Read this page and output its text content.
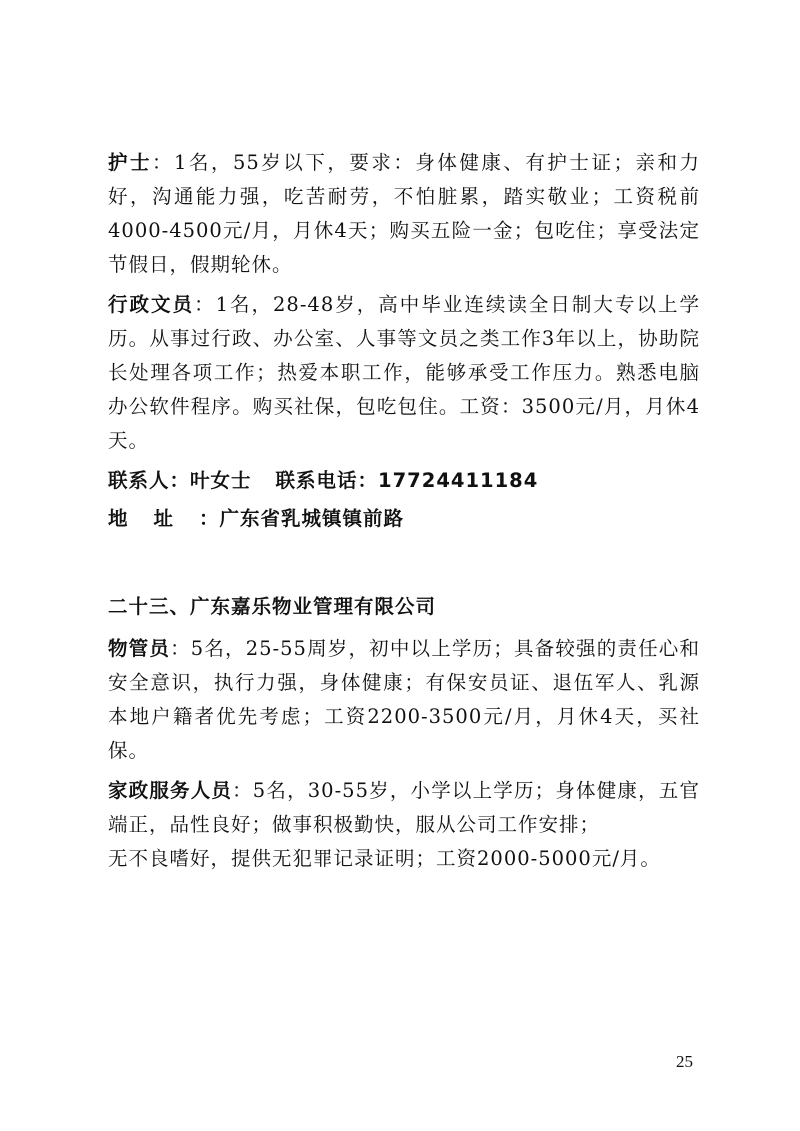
护士：1名，55岁以下，要求：身体健康、有护士证；亲和力好，沟通能力强，吃苦耐劳，不怕脏累，踏实敬业；工资税前4000-4500元/月，月休4天；购买五险一金；包吃住；享受法定节假日，假期轮休。

行政文员：1名，28-48岁，高中毕业连续读全日制大专以上学历。从事过行政、办公室、人事等文员之类工作3年以上，协助院长处理各项工作；热爱本职工作，能够承受工作压力。熟悉电脑办公软件程序。购买社保，包吃包住。工资：3500元/月，月休4天。

联系人：叶女士 联系电话：17724411184

地址：广东省乳城镇镇前路

二十三、广东嘉乐物业管理有限公司

物管员：5名，25-55周岁，初中以上学历；具备较强的责任心和安全意识，执行力强，身体健康；有保安员证、退伍军人、乳源本地户籍者优先考虑；工资2200-3500元/月，月休4天，买社保。

家政服务人员：5名，30-55岁，小学以上学历；身体健康，五官端正，品性良好；做事积极勤快，服从公司工作安排；
无不良嗜好，提供无犯罪记录证明；工资2000-5000元/月。

25
